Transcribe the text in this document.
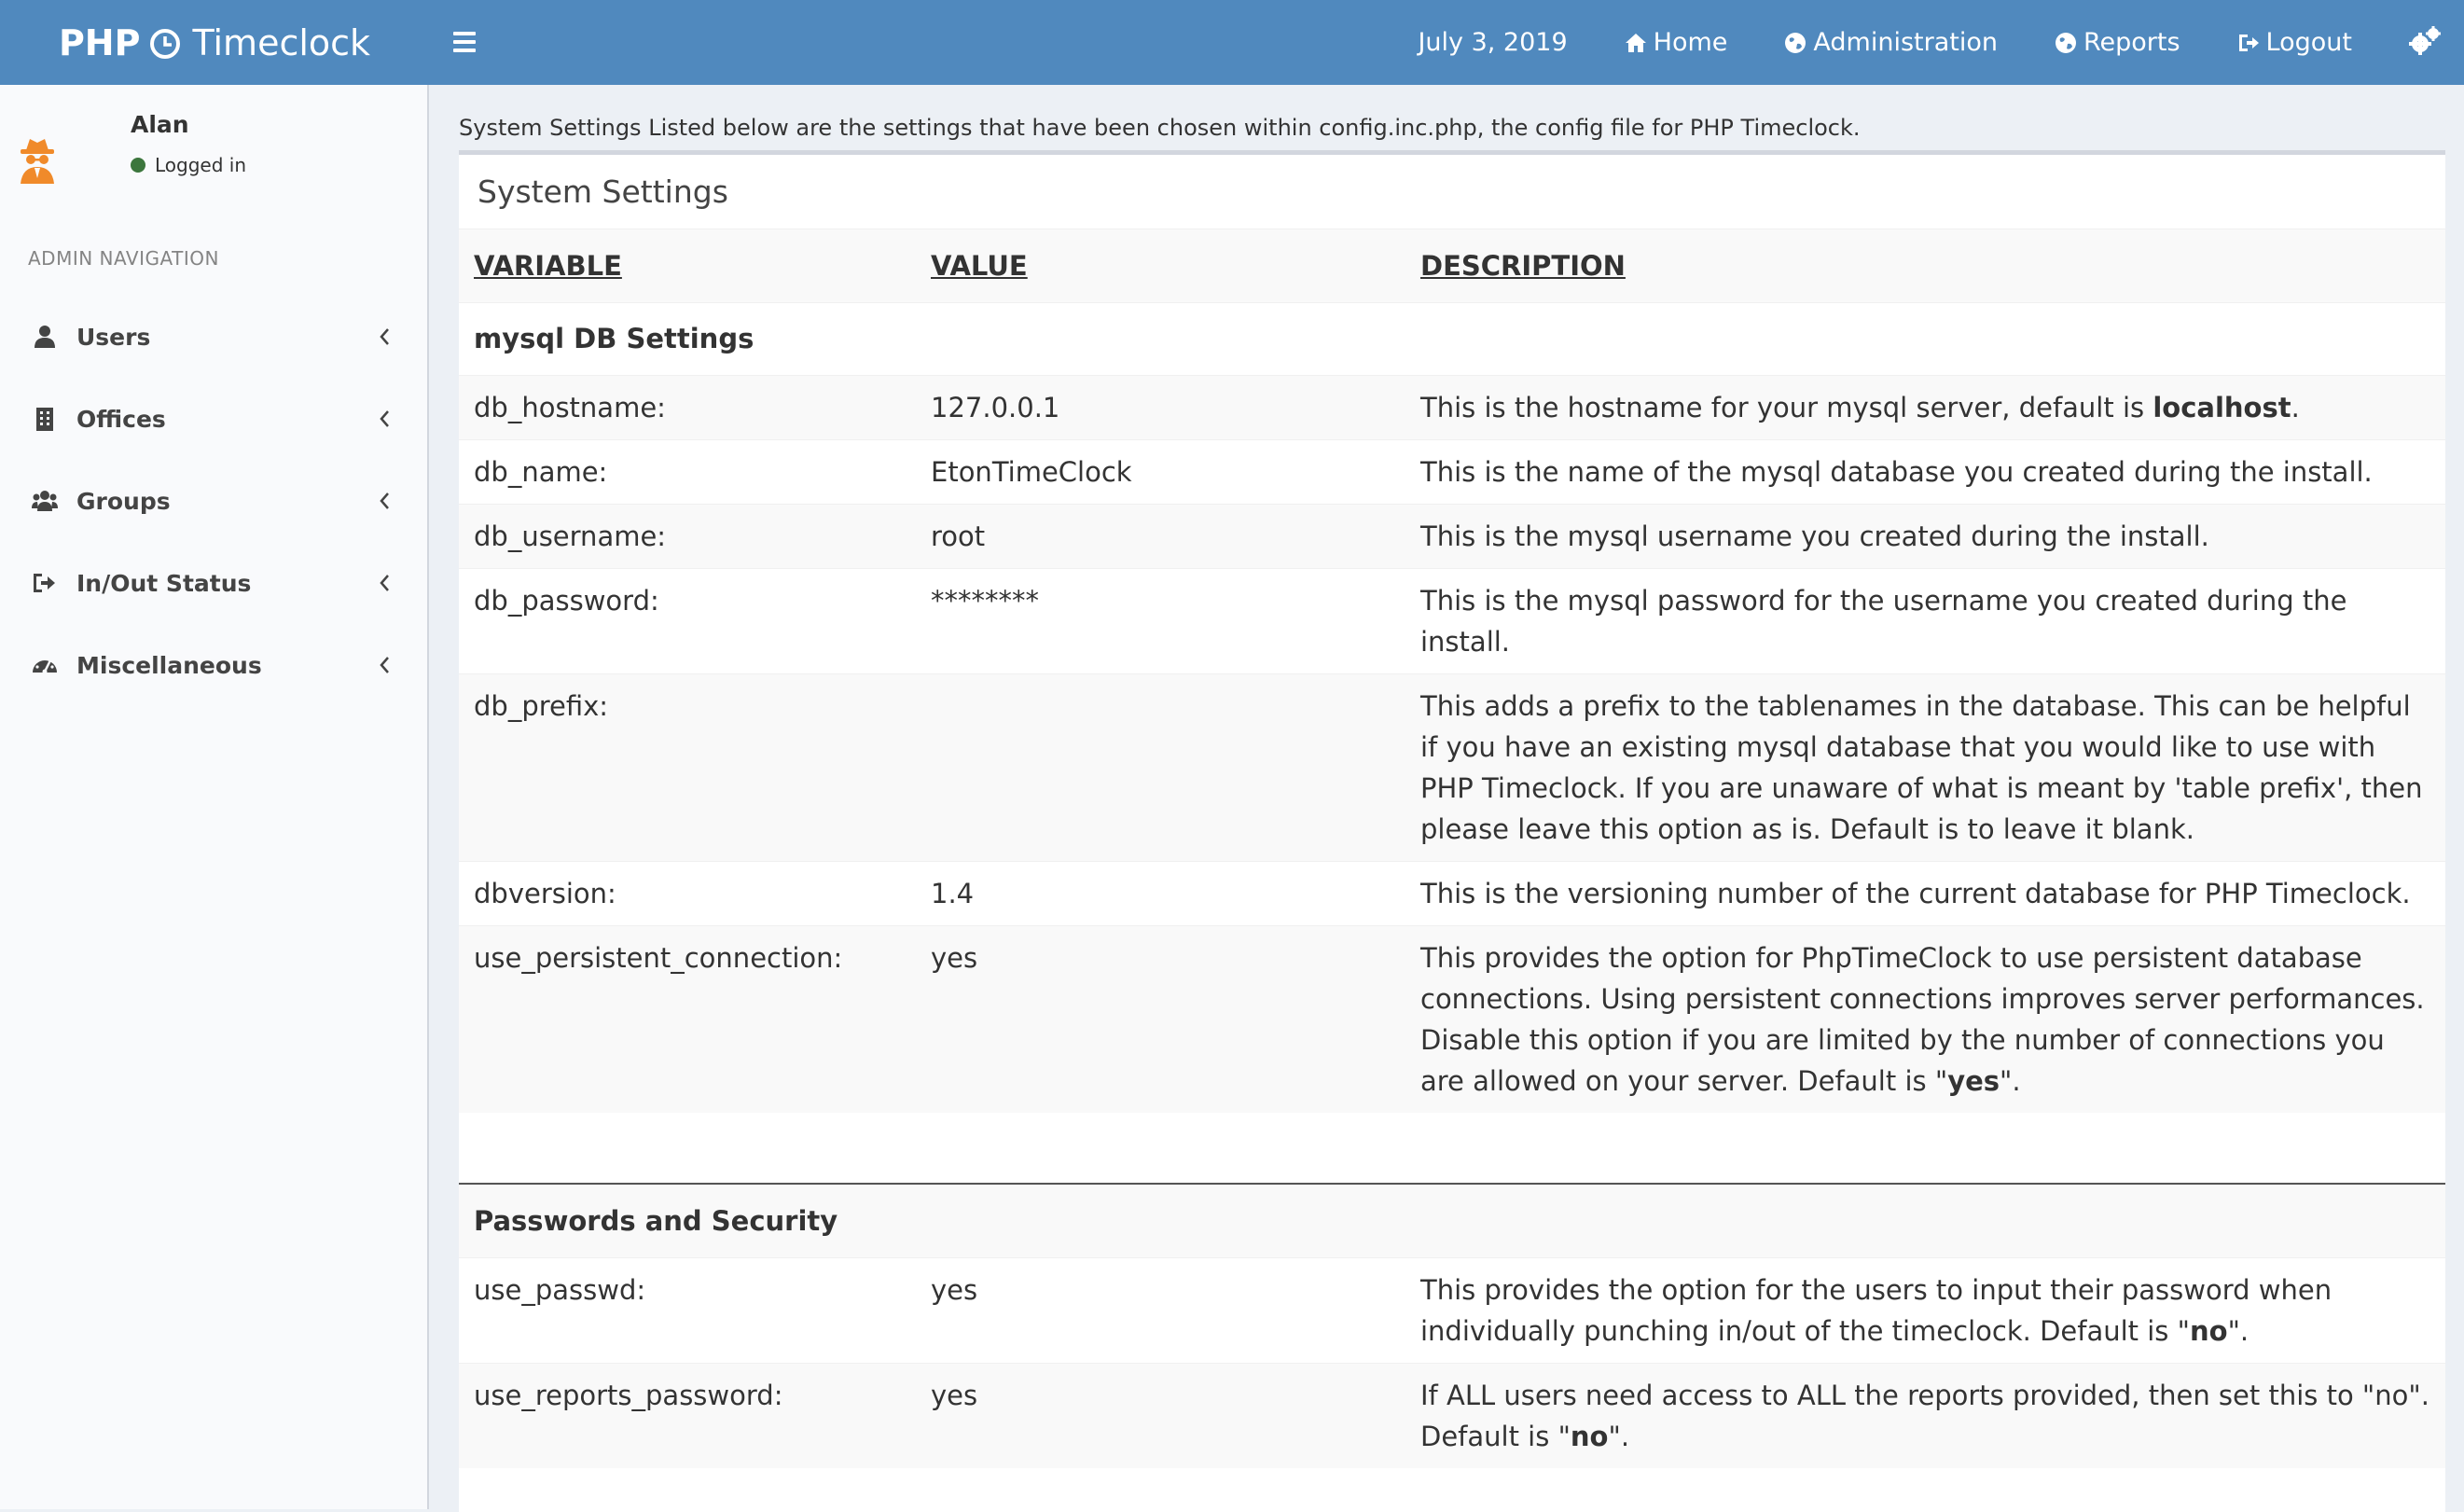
PHP Timeclock	July 3, 2019	Home	Administration	Reports	Logout
Alan
Logged in
ADMIN NAVIGATION
Users
Offices
Groups
In/Out Status
Miscellaneous
System Settings Listed below are the settings that have been chosen within config.inc.php, the config file for PHP Timeclock.
System Settings
VARIABLE	VALUE	DESCRIPTION
mysql DB Settings		
db_hostname:	127.0.0.1	This is the hostname for your mysql server, default is localhost.
db_name:	EtonTimeClock	This is the name of the mysql database you created during the install.
db_username:	root	This is the mysql username you created during the install.
db_password:	********	This is the mysql password for the username you created during the install.
db_prefix:		This adds a prefix to the tablenames in the database. This can be helpful if you have an existing mysql database that you would like to use with PHP Timeclock. If you are unaware of what is meant by 'table prefix', then please leave this option as is. Default is to leave it blank.
dbversion:	1.4	This is the versioning number of the current database for PHP Timeclock.
use_persistent_connection:	yes	This provides the option for PhpTimeClock to use persistent database connections. Using persistent connections improves server performances. Disable this option if you are limited by the number of connections you are allowed on your server. Default is "yes".

Passwords and Security		
use_passwd:	yes	This provides the option for the users to input their password when individually punching in/out of the timeclock. Default is "no".
use_reports_password:	yes	If ALL users need access to ALL the reports provided, then set this to "no". Default is "no".
